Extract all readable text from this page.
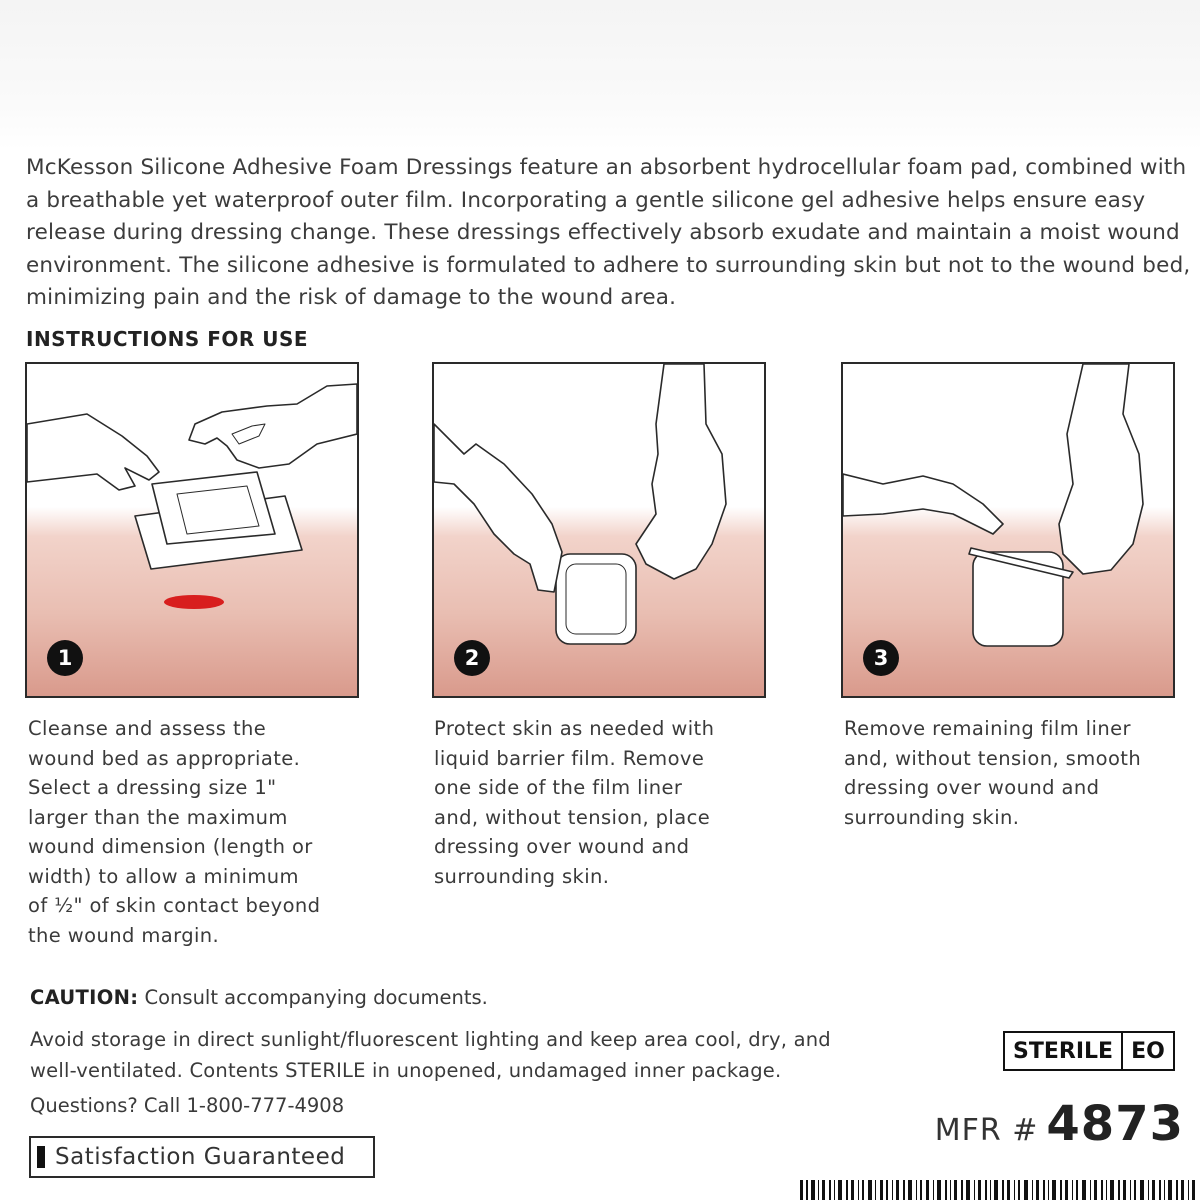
McKesson Silicone Adhesive Foam Dressings feature an absorbent hydrocellular foam pad, combined with
a breathable yet waterproof outer film. Incorporating a gentle silicone gel adhesive helps ensure easy
release during dressing change. These dressings effectively absorb exudate and maintain a moist wound
environment. The silicone adhesive is formulated to adhere to surrounding skin but not to the wound bed,
minimizing pain and the risk of damage to the wound area.
INSTRUCTIONS FOR USE
1	2	3
Cleanse and assess the
wound bed as appropriate.
Select a dressing size 1"
larger than the maximum
wound dimension (length or
width) to allow a minimum
of ½" of skin contact beyond
the wound margin.
Protect skin as needed with
liquid barrier film. Remove
one side of the film liner
and, without tension, place
dressing over wound and
surrounding skin.
Remove remaining film liner
and, without tension, smooth
dressing over wound and
surrounding skin.
CAUTION: Consult accompanying documents.
Avoid storage in direct sunlight/fluorescent lighting and keep area cool, dry, and
well-ventilated. Contents STERILE in unopened, undamaged inner package.
Questions? Call 1-800-777-4908
Satisfaction Guaranteed
STERILE EO
MFR # 4873
